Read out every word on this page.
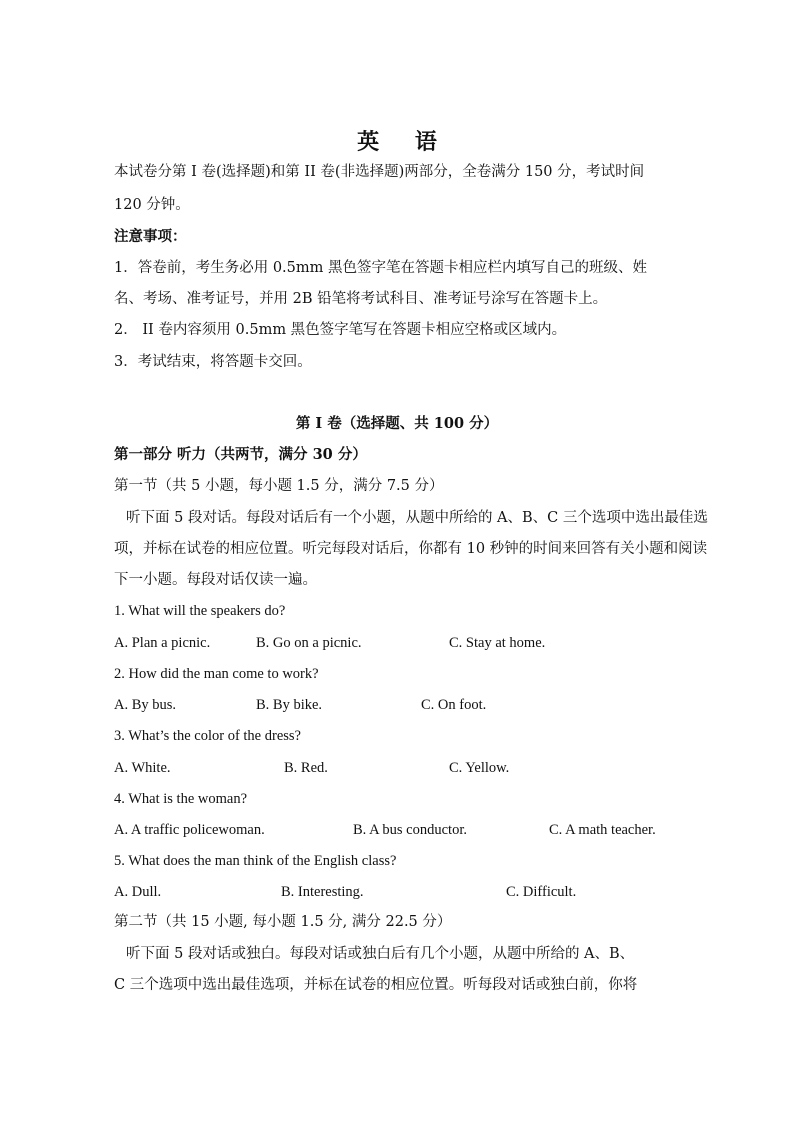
英 语
本试卷分第 I 卷(选择题)和第 II 卷(非选择题)两部分，全卷满分 150 分，考试时间
120 分钟。
注意事项：
1．答卷前，考生务必用 0.5mm 黑色签字笔在答题卡相应栏内填写自己的班级、姓
名、考场、准考证号，并用 2B 铅笔将考试科目、准考证号涂写在答题卡上。
2． II 卷内容须用 0.5mm 黑色签字笔写在答题卡相应空格或区域内。
3．考试结束，将答题卡交回。
第 I 卷（选择题、共 100 分）
第一部分 听力（共两节，满分 30 分）
第一节（共 5 小题，每小题 1.5 分，满分 7.5 分）
听下面 5 段对话。每段对话后有一个小题，从题中所给的 A、B、C 三个选项中选出最佳选
项，并标在试卷的相应位置。听完每段对话后，你都有 10 秒钟的时间来回答有关小题和阅读
下一小题。每段对话仅读一遍。
1. What will the speakers do?
A. Plan a picnic.	B. Go on a picnic.	C. Stay at home.
2. How did the man come to work?
A. By bus.	B. By bike.	C. On foot.
3. What’s the color of the dress?
A. White.	B. Red.	C. Yellow.
4. What is the woman?
A. A traffic policewoman.	B. A bus conductor.	C. A math teacher.
5. What does the man think of the English class?
A. Dull.	B. Interesting.	C. Difficult.
第二节（共 15 小题, 每小题 1.5 分, 满分 22.5 分）
听下面 5 段对话或独白。每段对话或独白后有几个小题，从题中所给的 A、B、
C 三个选项中选出最佳选项，并标在试卷的相应位置。听每段对话或独白前，你将
